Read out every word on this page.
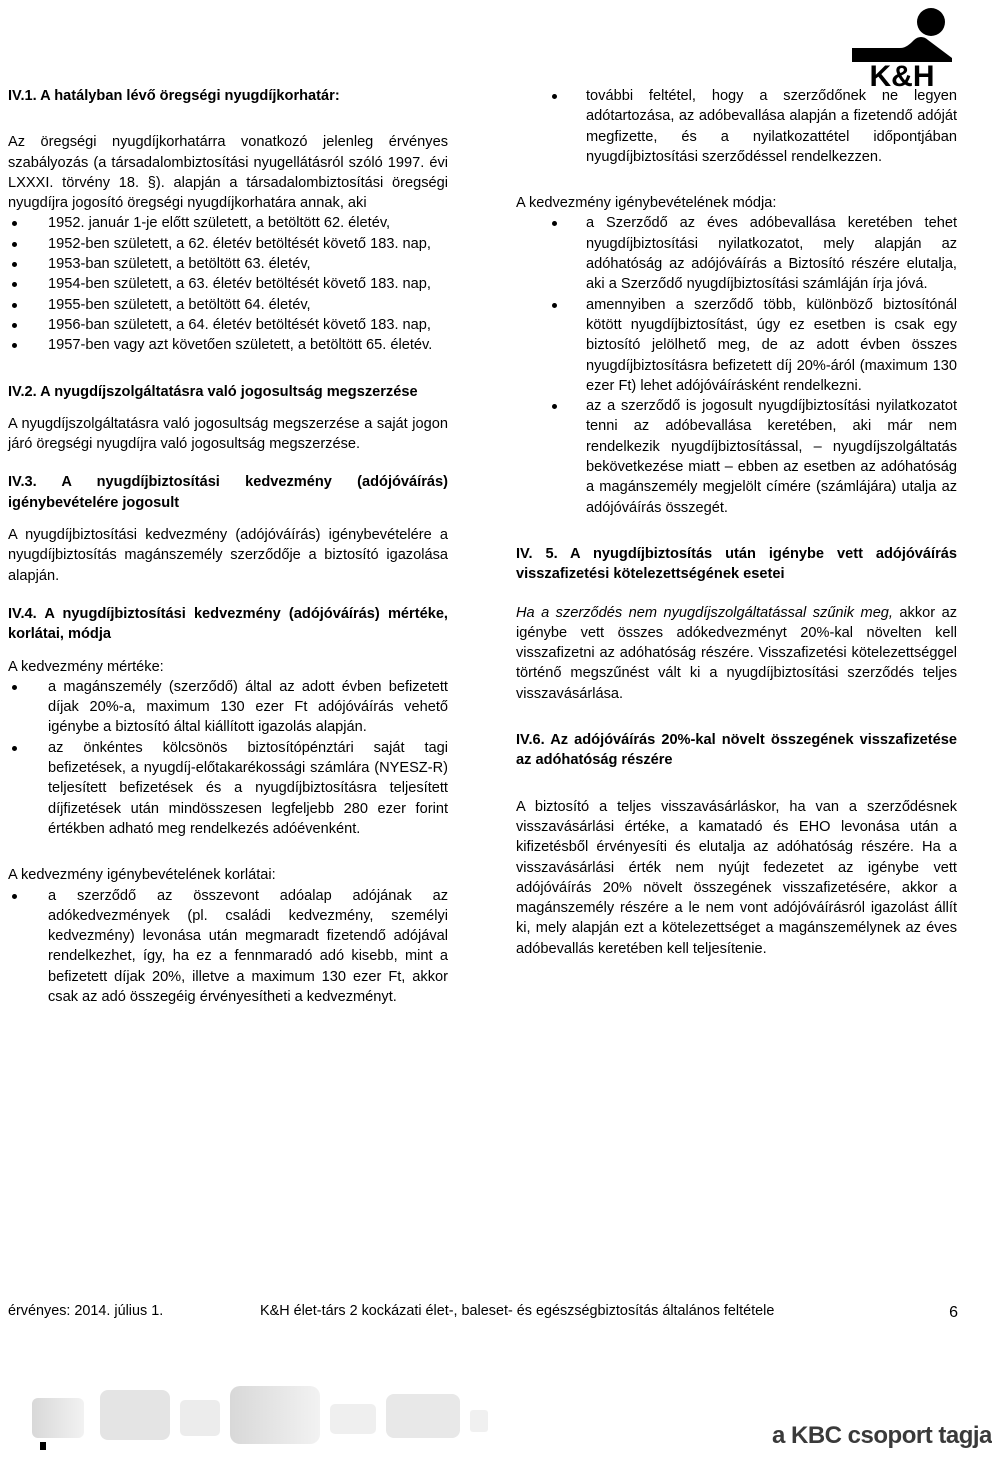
K&H
IV.1. A hatályban lévő öregségi nyugdíjkorhatár:

Az öregségi nyugdíjkorhatárra vonatkozó jelenleg érvényes szabályozás (a társadalombiztosítási nyugellátásról szóló 1997. évi LXXXI. törvény 18. §). alapján a társadalombiztosítási öregségi nyugdíjra jogosító öregségi nyugdíjkorhatára annak, aki

1952. január 1-je előtt született, a betöltött 62. életév,
1952-ben született, a 62. életév betöltését követő 183. nap,
1953-ban született, a betöltött 63. életév,
1954-ben született, a 63. életév betöltését követő 183. nap,
1955-ben született, a betöltött 64. életév,
1956-ban született, a 64. életév betöltését követő 183. nap,
1957-ben vagy azt követően született, a betöltött 65. életév.
IV.2. A nyugdíjszolgáltatásra való jogosultság megszerzése

A nyugdíjszolgáltatásra való jogosultság megszerzése a saját jogon járó öregségi nyugdíjra való jogosultság megszerzése.

IV.3. A nyugdíjbiztosítási kedvezmény (adójóváírás) igénybevételére jogosult

A nyugdíjbiztosítási kedvezmény (adójóváírás) igénybevételére a nyugdíjbiztosítás magánszemély szerződője a biztosító igazolása alapján.

IV.4. A nyugdíjbiztosítási kedvezmény (adójóváírás) mértéke, korlátai, módja

A kedvezmény mértéke:

a magánszemély (szerződő) által az adott évben befizetett díjak 20%-a, maximum 130 ezer Ft adójóváírás vehető igénybe a biztosító által kiállított igazolás alapján.
az önkéntes kölcsönös biztosítópénztári saját tagi befizetések, a nyugdíj-előtakarékossági számlára (NYESZ-R) teljesített befizetések és a nyugdíjbiztosításra teljesített díjfizetések után mindösszesen legfeljebb 280 ezer forint értékben adható meg rendelkezés adóévenként.

A kedvezmény igénybevételének korlátai:

a szerződő az összevont adóalap adójának az adókedvezmények (pl. családi kedvezmény, személyi kedvezmény) levonása után megmaradt fizetendő adójával rendelkezhet, így, ha ez a fennmaradó adó kisebb, mint a befizetett díjak 20%, illetve a maximum 130 ezer Ft, akkor csak az adó összegéig érvényesítheti a kedvezményt.
további feltétel, hogy a szerződőnek ne legyen adótartozása, az adóbevallása alapján a fizetendő adóját megfizette, és a nyilatkozattétel időpontjában nyugdíjbiztosítási szerződéssel rendelkezzen.

A kedvezmény igénybevételének módja:

a Szerződő az éves adóbevallása keretében tehet nyugdíjbiztosítási nyilatkozatot, mely alapján az adóhatóság az adójóváírás a Biztosító részére elutalja, aki a Szerződő nyugdíjbiztosítási számláján írja jóvá.
amennyiben a szerződő több, különböző biztosítónál kötött nyugdíjbiztosítást, úgy ez esetben is csak egy biztosító jelölhető meg, de az adott évben összes nyugdíjbiztosításra befizetett díj 20%-áról (maximum 130 ezer Ft) lehet adójóváírásként rendelkezni.
az a szerződő is jogosult nyugdíjbiztosítási nyilatkozatot tenni az adóbevallása keretében, aki már nem rendelkezik nyugdíjbiztosítással, – nyugdíjszolgáltatás bekövetkezése miatt – ebben az esetben az adóhatóság a magánszemély megjelölt címére (számlájára) utalja az adójóváírás összegét.
IV. 5. A nyugdíjbiztosítás után igénybe vett adójóváírás visszafizetési kötelezettségének esetei

Ha a szerződés nem nyugdíjszolgáltatással szűnik meg, akkor az igénybe vett összes adókedvezményt 20%-kal növelten kell visszafizetni az adóhatóság részére. Visszafizetési kötelezettséggel történő megszűnést vált ki a nyugdíjbiztosítási szerződés teljes visszavásárlása.

IV.6. Az adójóváírás 20%-kal növelt összegének visszafizetése az adóhatóság részére

A biztosító a teljes visszavásárláskor, ha van a szerződésnek visszavásárlási értéke, a kamatadó és EHO levonása után a kifizetésből érvényesíti és elutalja az adóhatóság részére. Ha a visszavásárlási érték nem nyújt fedezetet az igénybe vett adójóváírás 20% növelt összegének visszafizetésére, akkor a magánszemély részére a le nem vont adójóváírásról igazolást állít ki, mely alapján ezt a kötelezettséget a magánszemélynek az éves adóbevallás keretében kell teljesítenie.

érvényes: 2014. július 1.	K&H élet-társ 2 kockázati élet-, baleset- és egészségbiztosítás általános feltétele	6
a KBC csoport tagja
